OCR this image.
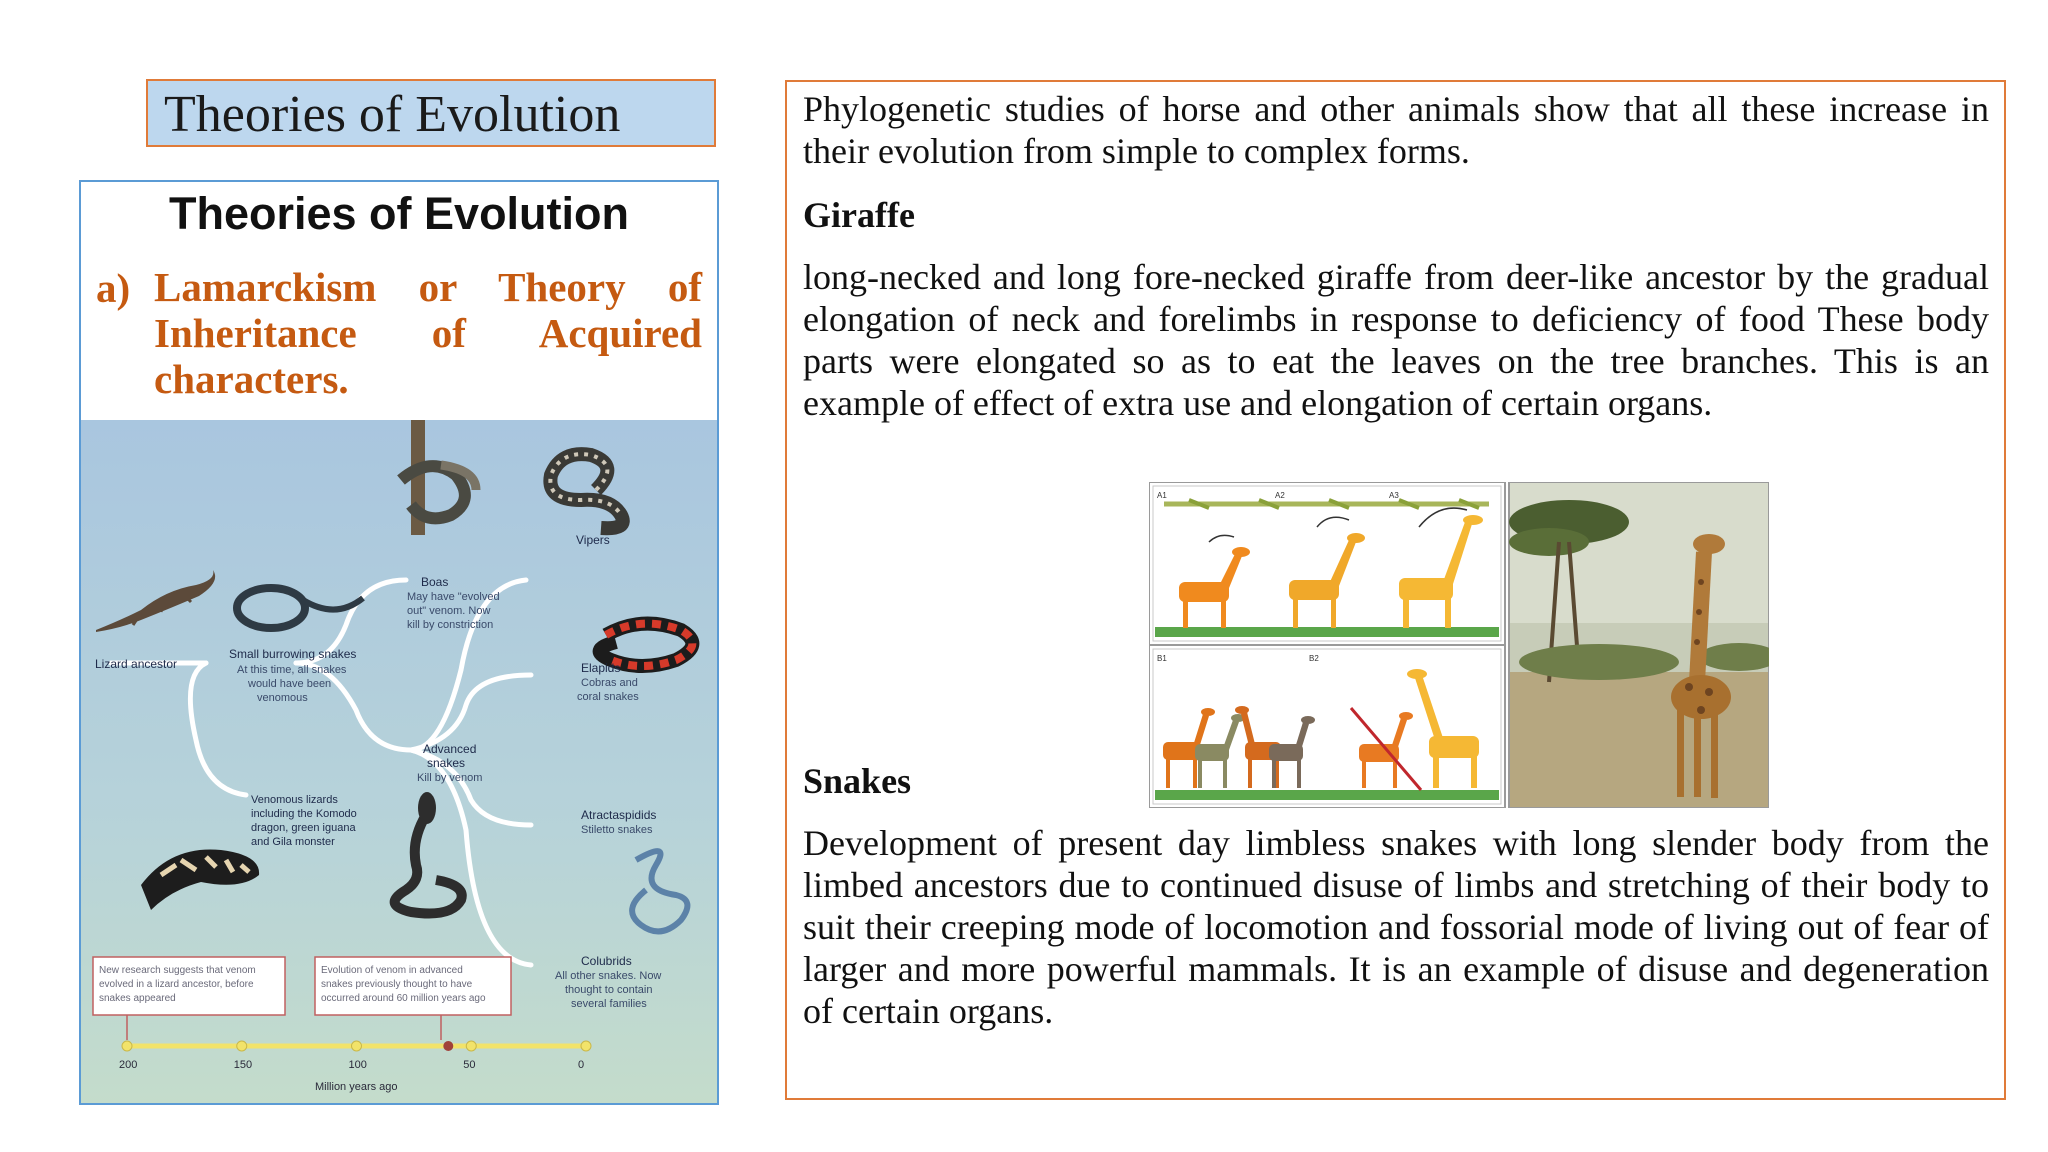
Theories of Evolution
Theories of Evolution
a) Lamarckism or Theory of Inheritance of Acquired characters.
Lizard ancestor
Small burrowing snakes
At this time, all snakes
would have been
venomous
Boas
May have "evolved
out" venom. Now
kill by constriction
Advanced
snakes
Kill by venom
Vipers
Elapids
Cobras and
coral snakes
Atractaspidids
Stiletto snakes
Colubrids
All other snakes. Now
thought to contain
several families
Venomous lizards
including the Komodo
dragon, green iguana
and Gila monster
New research suggests that venom
evolved in a lizard ancestor, before
snakes appeared
Evolution of venom in advanced
snakes previously thought to have
occurred around 60 million years ago
200	150	100	50	0
Million years ago
Phylogenetic studies of horse and other animals show that all these increase in their evolution from simple to complex forms.
Giraffe
long-necked and long fore-necked giraffe from deer-like ancestor by the gradual elongation of neck and forelimbs in response to deficiency of food These body parts were elongated so as to eat the leaves on the tree branches. This is an example of effect of extra use and elongation of certain organs.
A1	A2	A3
B1	B2
Snakes
Development of present day limbless snakes with long slender body from the limbed ancestors due to continued disuse of limbs and stretching of their body to suit their creeping mode of locomotion and fossorial mode of living out of fear of larger and more powerful mammals. It is an example of disuse and degeneration of certain organs.
